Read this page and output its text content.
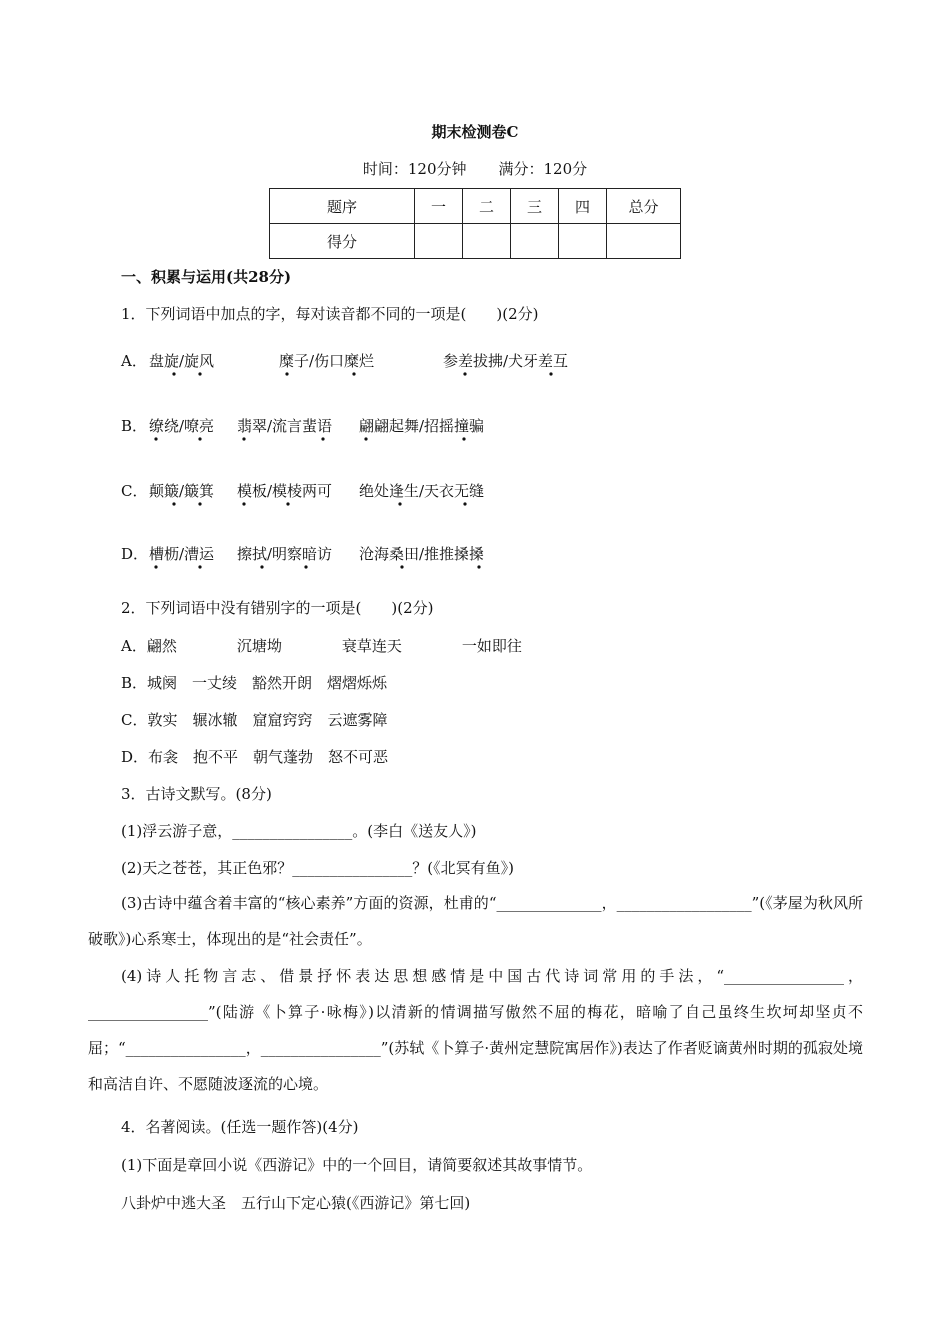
期末检测卷C
时间：120分钟 满分：120分
题序	一	二	三	四	总分
得分					
一、积累与运用(共28分)
1．下列词语中加点的字，每对读音都不同的一项是(　　)(2分)
A． 盘旋/旋风	糜子/伤口糜烂	参差拔拂/犬牙差互
B． 缭绕/嘹亮 翡翠/流言蜚语 翩翩起舞/招摇撞骗
C． 颠簸/簸箕 模板/模棱两可 绝处逢生/天衣无缝
D． 槽枥/漕运 擦拭/明察暗访 沧海桑田/推推搡搡
2．下列词语中没有错别字的一项是(　　)(2分)
A．翩然　　　　沉塘坳　　　　衰草连天　　　　一如即往
B．城阕　一丈绫　豁然开朗　熠熠烁烁
C．敦实　辗冰辙　窟窟窍窍　云遮雾障
D．布衾　抱不平　朝气蓬勃　怒不可恶
3．古诗文默写。(8分)
(1)浮云游子意，________________。(李白《送友人》)
(2)天之苍苍，其正色邪？________________？(《北冥有鱼》)
(3)古诗中蕴含着丰富的“核心素养”方面的资源，杜甫的“______________，__________________”(《茅屋为秋风所破歌》)心系寒士，体现出的是“社会责任”。
(4)诗人托物言志、借景抒怀表达思想感情是中国古代诗词常用的手法，“________________，________________”(陆游《卜算子·咏梅》)以清新的情调描写傲然不屈的梅花，暗喻了自己虽终生坎坷却坚贞不屈；“________________，________________”(苏轼《卜算子·黄州定慧院寓居作》)表达了作者贬谪黄州时期的孤寂处境和高洁自许、不愿随波逐流的心境。
4．名著阅读。(任选一题作答)(4分)
(1)下面是章回小说《西游记》中的一个回目，请简要叙述其故事情节。
八卦炉中逃大圣　五行山下定心猿(《西游记》第七回)
